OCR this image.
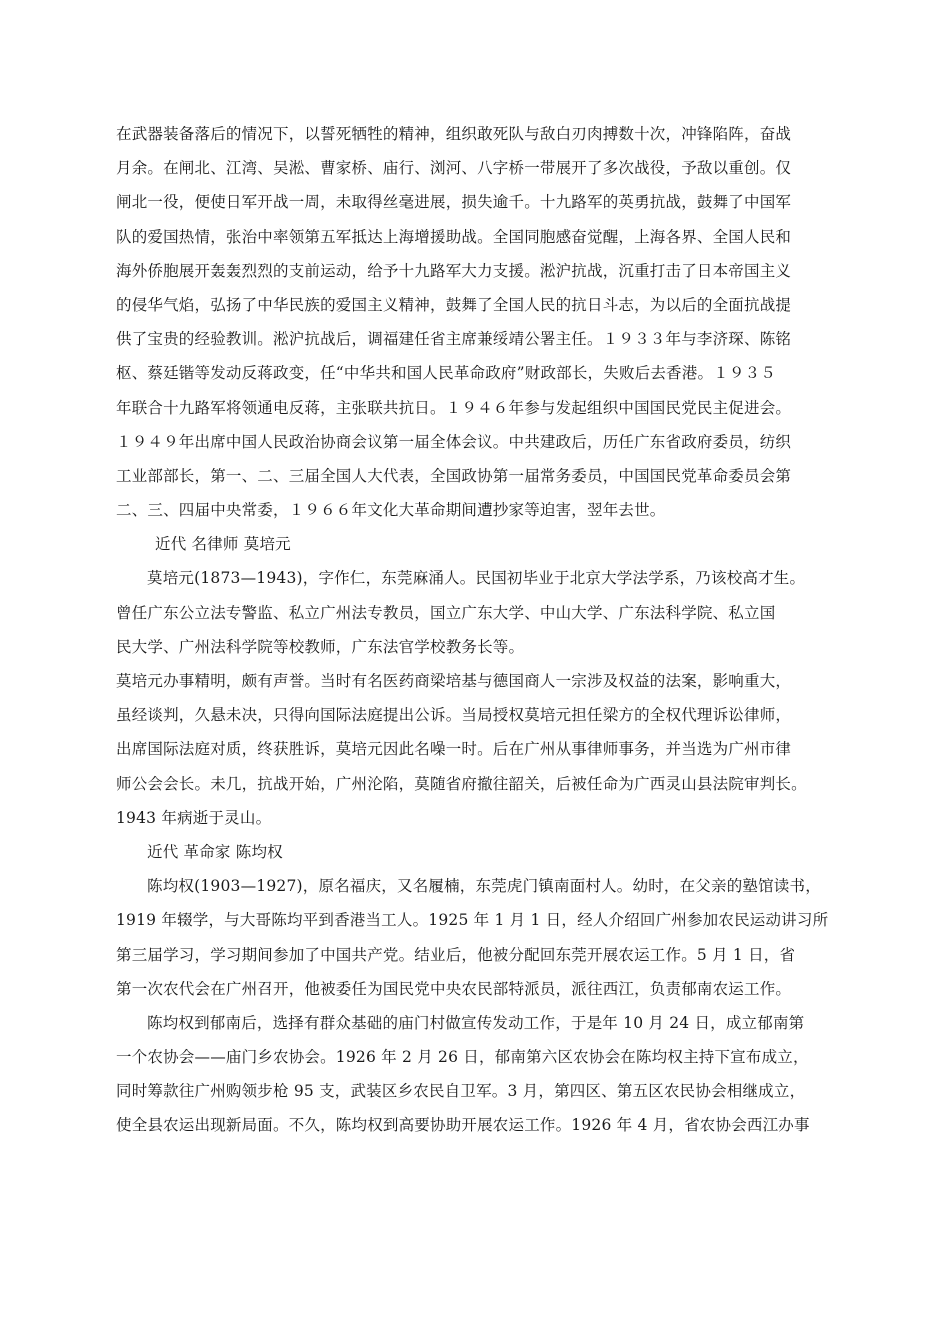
在武器装备落后的情况下，以誓死牺牲的精神，组织敢死队与敌白刃肉搏数十次，冲锋陷阵，奋战
月余。在闸北、江湾、吴淞、曹家桥、庙行、浏河、八字桥一带展开了多次战役，予敌以重创。仅
闸北一役，便使日军开战一周，未取得丝毫进展，损失逾千。十九路军的英勇抗战，鼓舞了中国军
队的爱国热情，张治中率领第五军抵达上海增援助战。全国同胞感奋觉醒，上海各界、全国人民和
海外侨胞展开轰轰烈烈的支前运动，给予十九路军大力支援。淞沪抗战，沉重打击了日本帝国主义
的侵华气焰，弘扬了中华民族的爱国主义精神，鼓舞了全国人民的抗日斗志，为以后的全面抗战提
供了宝贵的经验教训。淞沪抗战后，调福建任省主席兼绥靖公署主任。１９３３年与李济琛、陈铭
枢、蔡廷锴等发动反蒋政变，任“中华共和国人民革命政府”财政部长，失败后去香港。１９３５
年联合十九路军将领通电反蒋，主张联共抗日。１９４６年参与发起组织中国国民党民主促进会。
１９４９年出席中国人民政治协商会议第一届全体会议。中共建政后，历任广东省政府委员，纺织
工业部部长，第一、二、三届全国人大代表，全国政协第一届常务委员，中国国民党革命委员会第
二、三、四届中央常委，１９６６年文化大革命期间遭抄家等迫害，翌年去世。
近代 名律师 莫培元
莫培元(1873—1943)，字作仁，东莞麻涌人。民国初毕业于北京大学法学系，乃该校高才生。
曾任广东公立法专警监、私立广州法专教员，国立广东大学、中山大学、广东法科学院、私立国
民大学、广州法科学院等校教师，广东法官学校教务长等。
莫培元办事精明，颇有声誉。当时有名医药商梁培基与德国商人一宗涉及权益的法案，影响重大，
虽经谈判，久悬未决，只得向国际法庭提出公诉。当局授权莫培元担任梁方的全权代理诉讼律师，
出席国际法庭对质，终获胜诉，莫培元因此名噪一时。后在广州从事律师事务，并当选为广州市律
师公会会长。未几，抗战开始，广州沦陷，莫随省府撤往韶关，后被任命为广西灵山县法院审判长。
1943 年病逝于灵山。
近代 革命家 陈均权
陈均权(1903—1927)，原名福庆，又名履楠，东莞虎门镇南面村人。幼时，在父亲的塾馆读书，
1919 年辍学，与大哥陈均平到香港当工人。1925 年 1 月 1 日，经人介绍回广州参加农民运动讲习所
第三届学习，学习期间参加了中国共产党。结业后，他被分配回东莞开展农运工作。5 月 1 日，省
第一次农代会在广州召开，他被委任为国民党中央农民部特派员，派往西江，负责郁南农运工作。
陈均权到郁南后，选择有群众基础的庙门村做宣传发动工作，于是年 10 月 24 日，成立郁南第
一个农协会——庙门乡农协会。1926 年 2 月 26 日，郁南第六区农协会在陈均权主持下宣布成立，
同时筹款往广州购领步枪 95 支，武装区乡农民自卫军。3 月，第四区、第五区农民协会相继成立，
使全县农运出现新局面。不久，陈均权到高要协助开展农运工作。1926 年 4 月，省农协会西江办事
